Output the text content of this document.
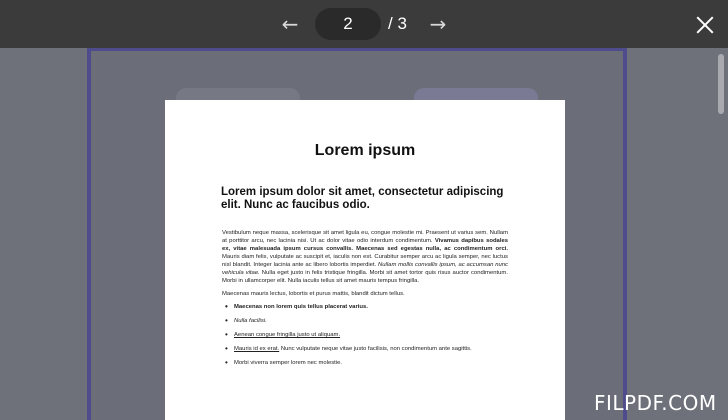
Lorem ipsum
Lorem ipsum dolor sit amet, consectetur adipiscing elit. Nunc ac faucibus odio.

Vestibulum neque massa, scelerisque sit amet ligula eu, congue molestie mi. Praesent ut varius sem. Nullam at porttitor arcu, nec lacinia nisi. Ut ac dolor vitae odio interdum condimentum. Vivamus dapibus sodales ex, vitae malesuada ipsum cursus convallis. Maecenas sed egestas nulla, ac condimentum orci. Mauris diam felis, vulputate ac suscipit et, iaculis non est. Curabitur semper arcu ac ligula semper, nec luctus nisl blandit. Integer lacinia ante ac libero lobortis imperdiet. Nullam mollis convallis ipsum, ac accumsan nunc vehicula vitae. Nulla eget justo in felis tristique fringilla. Morbi sit amet tortor quis risus auctor condimentum. Morbi in ullamcorper elit. Nulla iaculis tellus sit amet mauris tempus fringilla.

Maecenas mauris lectus, lobortis et purus mattis, blandit dictum tellus.

• Maecenas non lorem quis tellus placerat varius.
• Nulla facilisi.
• Aenean congue fringilla justo ut aliquam.
• Mauris id ex erat. Nunc vulputate neque vitae justo facilisis, non condimentum ante sagittis.
• Morbi viverra semper lorem nec molestie.
←
2	/ 3 →
FILPDF.COM
